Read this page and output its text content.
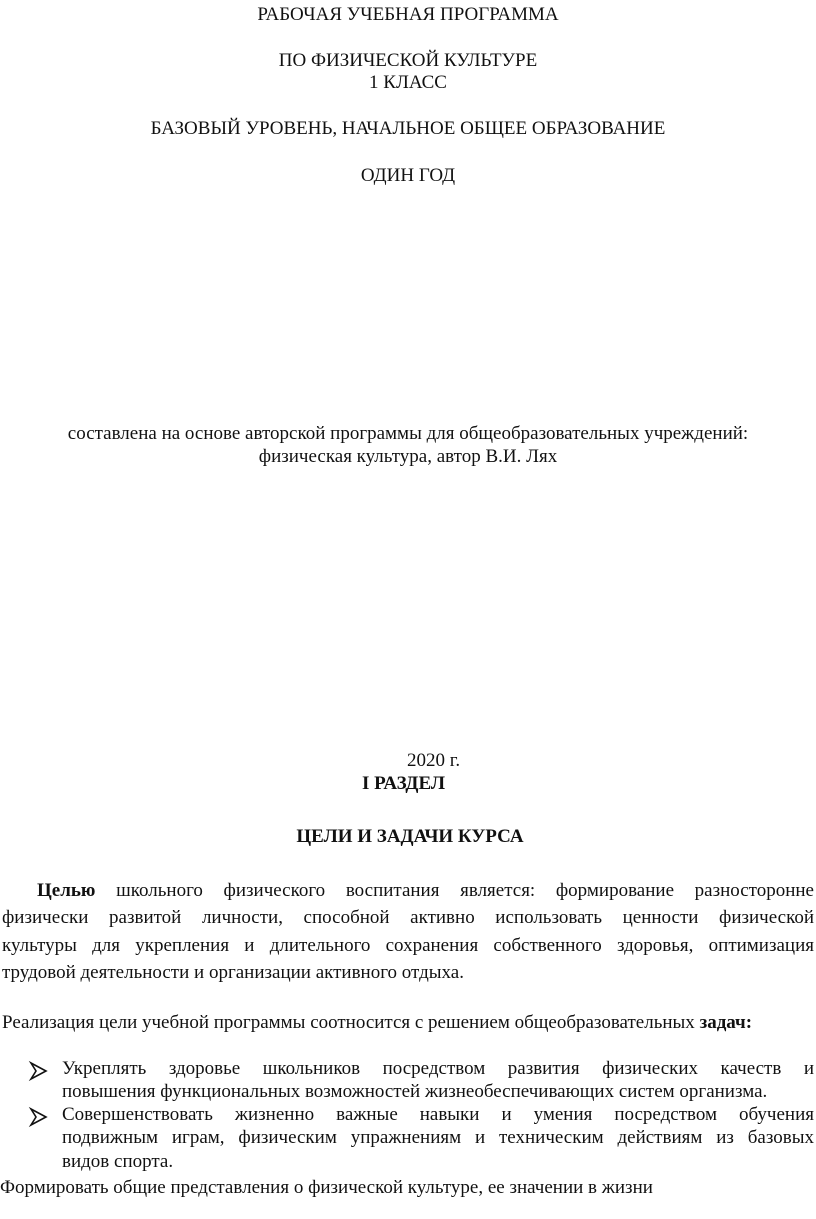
РАБОЧАЯ УЧЕБНАЯ ПРОГРАММА
ПО ФИЗИЧЕСКОЙ КУЛЬТУРЕ
1 КЛАСС
БАЗОВЫЙ УРОВЕНЬ, НАЧАЛЬНОЕ ОБЩЕЕ ОБРАЗОВАНИЕ
ОДИН ГОД
составлена на основе авторской программы для общеобразовательных учреждений:
физическая культура, автор В.И. Лях
2020 г.
I РАЗДЕЛ
ЦЕЛИ И ЗАДАЧИ КУРСА
Целью школьного физического воспитания является: формирование разносторонне
физически развитой личности, способной активно использовать ценности физической
культуры для укрепления и длительного сохранения собственного здоровья, оптимизация
трудовой деятельности и организации активного отдыха.
Реализация цели учебной программы соотносится с решением общеобразовательных задач:
Укреплять здоровье школьников посредством развития физических качеств и
повышения функциональных возможностей жизнеобеспечивающих систем организма.
Совершенствовать жизненно важные навыки и умения посредством обучения
подвижным играм, физическим упражнениям и техническим действиям из базовых
видов спорта.
Формировать общие представления о физической культуре, ее значении в жизни
